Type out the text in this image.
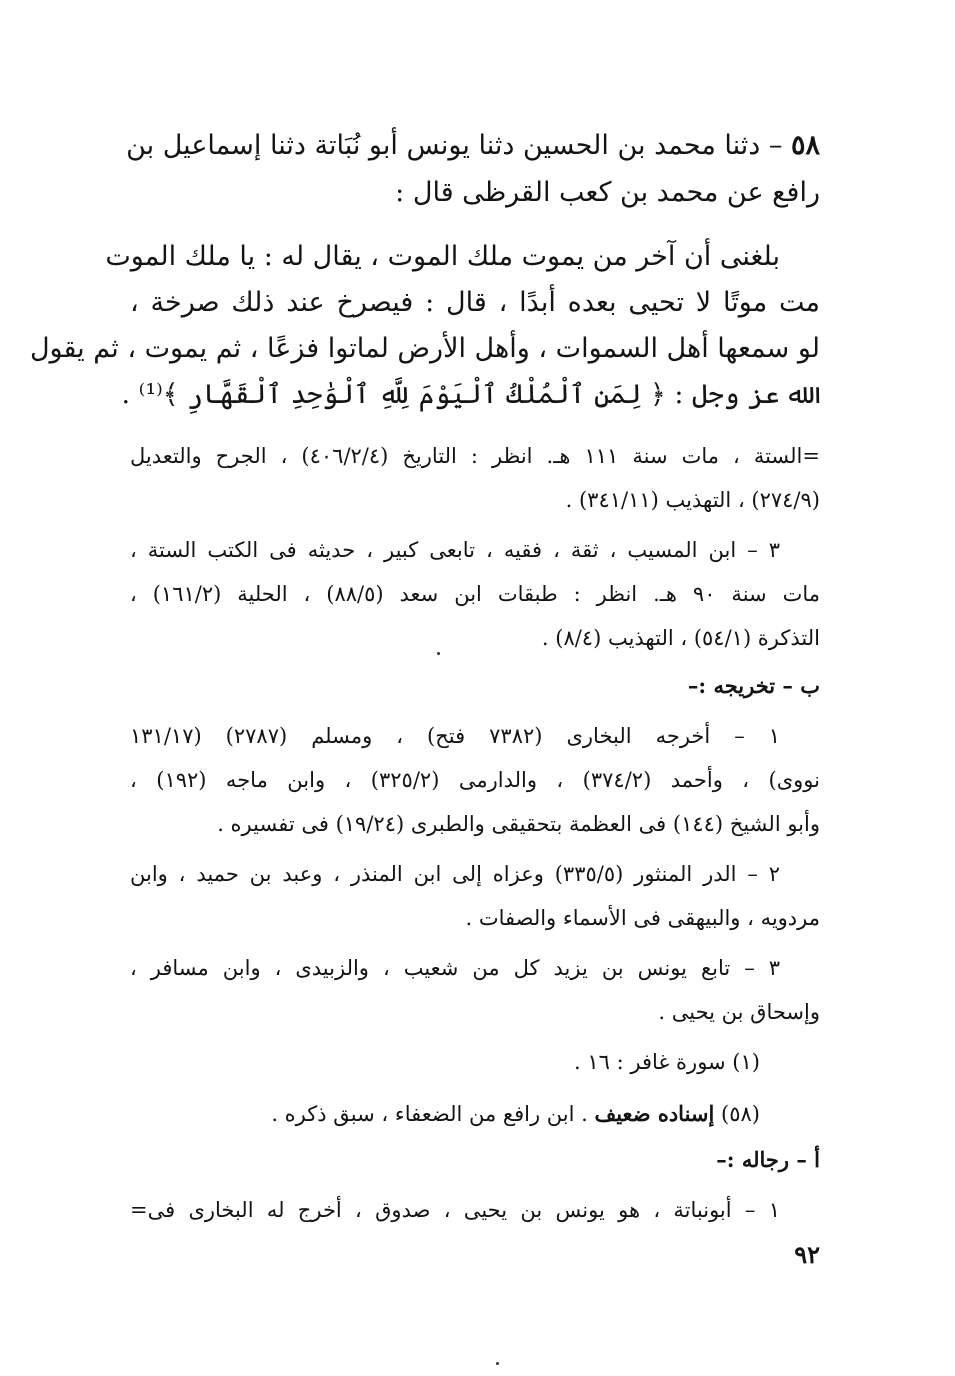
٥٨ – دثنا محمد بن الحسين دثنا يونس أبو نُبَاتة دثنا إسماعيل بن
رافع عن محمد بن كعب القرظى قال :
بلغنى أن آخر من يموت ملك الموت ، يقال له : يا ملك الموت
مت موتًا لا تحيى بعده أبدًا ، قال : فيصرخ عند ذلك صرخة ،
لو سمعها أهل السموات ، وأهل الأرض لماتوا فزعًا ، ثم يموت ، ثم يقول
الله عز وجل : ﴿ لِمَنِ ٱلْمُلْكُ ٱلْيَوْمَ لِلَّهِ ٱلْوَٰحِدِ ٱلْقَهَّارِ ﴾⁽¹⁾ .
=الستة ، مات سنة ١١١ هـ. انظر : التاريخ (٤٠٦/٢/٤) ، الجرح والتعديل
(٢٧٤/٩) ، التهذيب (٣٤١/١١) .
٣ – ابن المسيب ، ثقة ، فقيه ، تابعى كبير ، حديثه فى الكتب الستة ،
مات سنة ٩٠ هـ. انظر : طبقات ابن سعد (٨٨/٥) ، الحلية (١٦١/٢) ،
التذكرة (٥٤/١) ، التهذيب (٨/٤) .
ب – تخريجه :–
١ – أخرجه البخارى (٧٣٨٢ فتح) ، ومسلم (٢٧٨٧) (١٣١/١٧
نووى) ، وأحمد (٣٧٤/٢) ، والدارمى (٣٢٥/٢) ، وابن ماجه (١٩٢) ،
وأبو الشيخ (١٤٤) فى العظمة بتحقيقى والطبرى (١٩/٢٤) فى تفسيره .
٢ – الدر المنثور (٣٣٥/٥) وعزاه إلى ابن المنذر ، وعبد بن حميد ، وابن
مردويه ، والبيهقى فى الأسماء والصفات .
٣ – تابع يونس بن يزيد كل من شعيب ، والزبيدى ، وابن مسافر ،
وإسحاق بن يحيى .
(١) سورة غافر : ١٦ .
(٥٨) إسناده ضعيف . ابن رافع من الضعفاء ، سبق ذكره .
أ – رجاله :–
١ – أبونباتة ، هو يونس بن يحيى ، صدوق ، أخرج له البخارى فى=
٩٢
